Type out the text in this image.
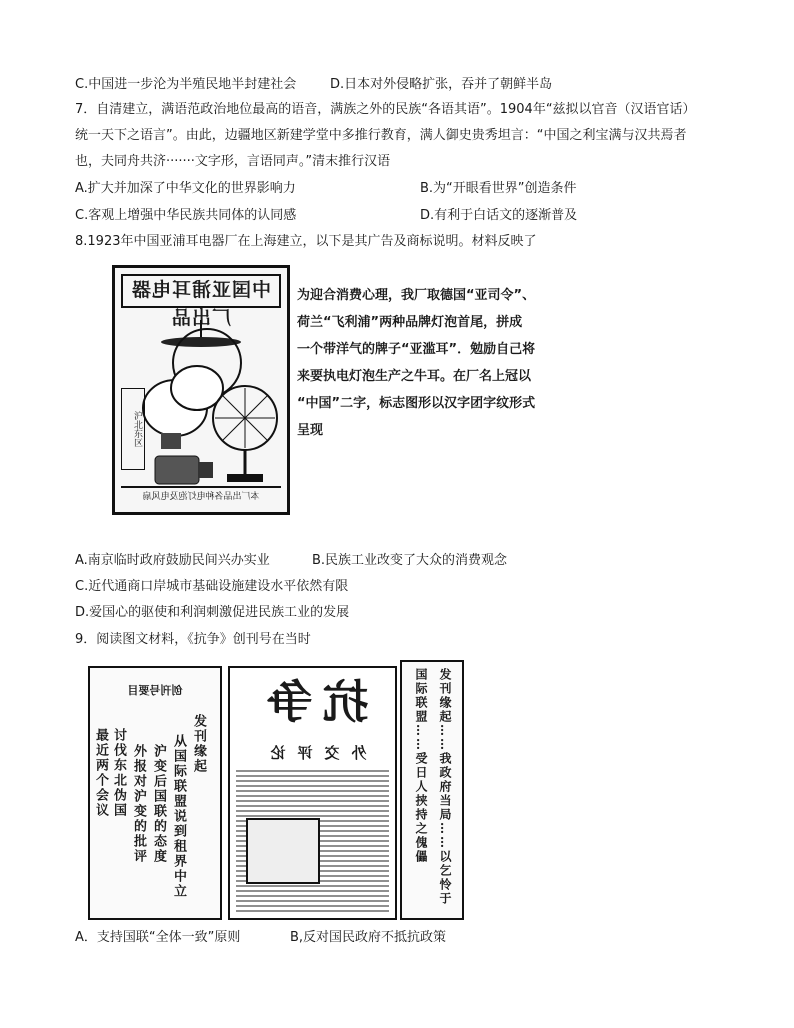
C.中国进一步沦为半殖民地半封建社会	D.日本对外侵略扩张，吞并了朝鲜半岛
7．自清建立，满语范政治地位最高的语音，满族之外的民族“各语其语”。1904年“兹拟以官音（汉语官话）
统一天下之语言”。由此，边疆地区新建学堂中多推行教育，满人御史贵秀坦言：“中国之利宝满与汉共焉者
也，夫同舟共济·······文字形，言语同声。”清末推行汉语
A.扩大并加深了中华文化的世界影响力	B.为“开眼看世界”创造条件
C.客观上增强中华民族共同体的认同感	D.有利于白话文的逐渐普及
8.1923年中国亚浦耳电器厂在上海建立，以下是其广告及商标说明。材料反映了
中国亚浦耳电器厂出品
沪北东区
本厂出品各种电灯泡及电风扇
为迎合消费心理，我厂取德国“亚司令”、
荷兰“飞利浦”两种品牌灯泡首尾，拼成
一个带洋气的牌子“亚滥耳”．勉励自己将
来要执电灯泡生产之牛耳。在厂名上冠以
“中国”二字，标志图形以汉字团字纹形式
呈现
A.南京临时政府鼓励民间兴办实业	B.民族工业改变了大众的消费观念
C.近代通商口岸城市基础设施建设水平依然有限
D.爱国心的驱使和利润刺激促进民族工业的发展
9．阅读图文材料，《抗争》创刊号在当时
创刊号要目
发刊缘起
从国际联盟说到租界中立
沪变后国联的态度
外报对沪变的批评
讨伐东北伪国
最近两个会议
抗争
外交评论	发刊缘起……我政府当局……以乞怜于
国际联盟……受日人挟持之傀儡
A．支持国联“全体一致”原则	B,反对国民政府不抵抗政策
